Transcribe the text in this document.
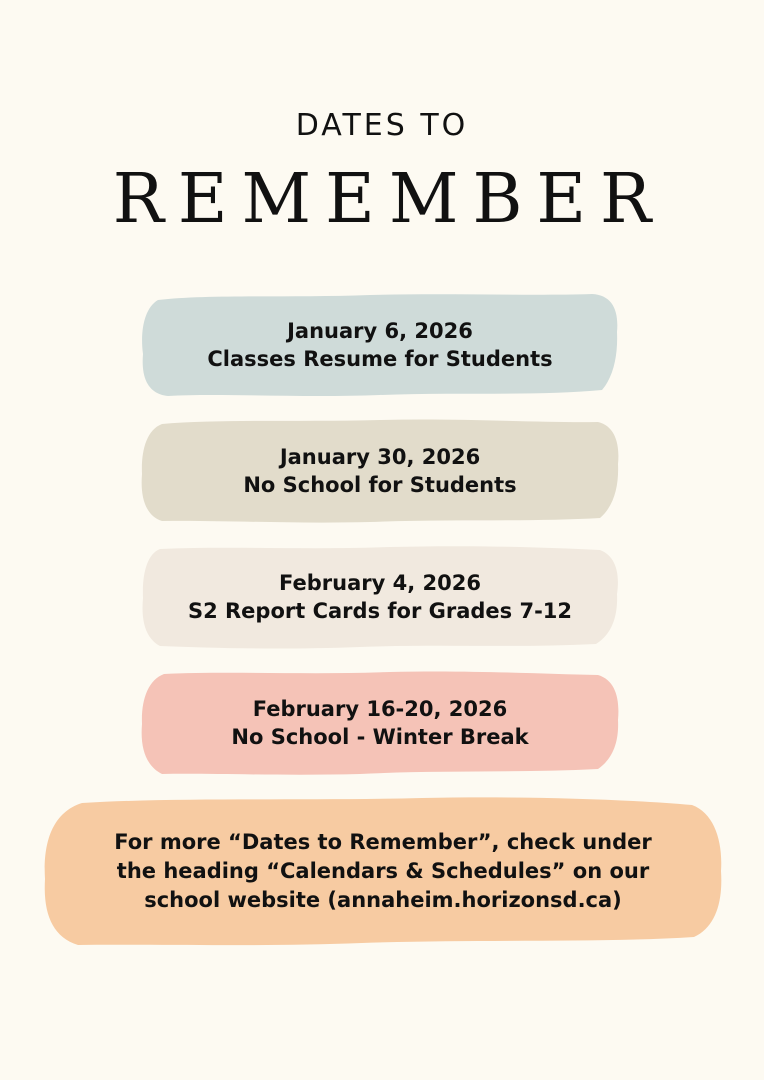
DATES TO
REMEMBER
January 6, 2026
Classes Resume for Students
January 30, 2026
No School for Students
February 4, 2026
S2 Report Cards for Grades 7-12
February 16-20, 2026
No School - Winter Break
For more “Dates to Remember”, check under
the heading “Calendars & Schedules” on our
school website (annaheim.horizonsd.ca)
